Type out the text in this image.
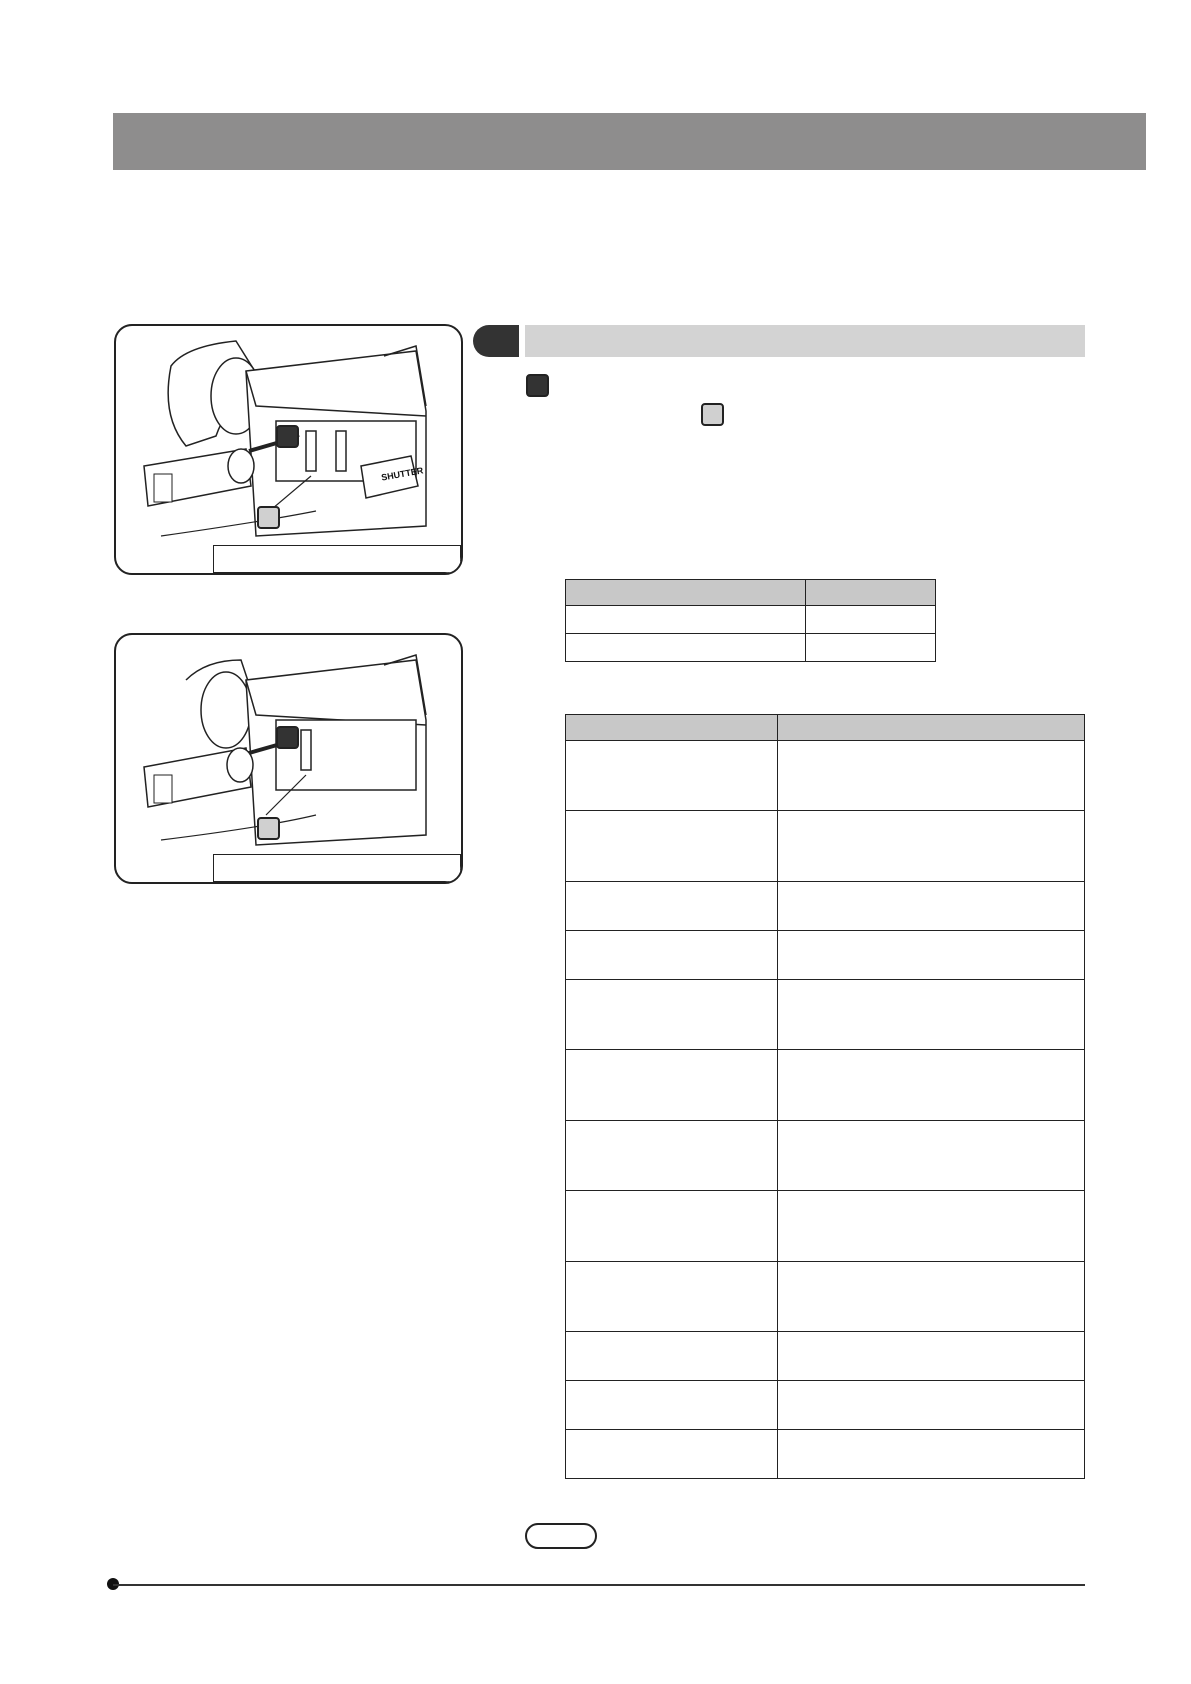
SHUTTER
